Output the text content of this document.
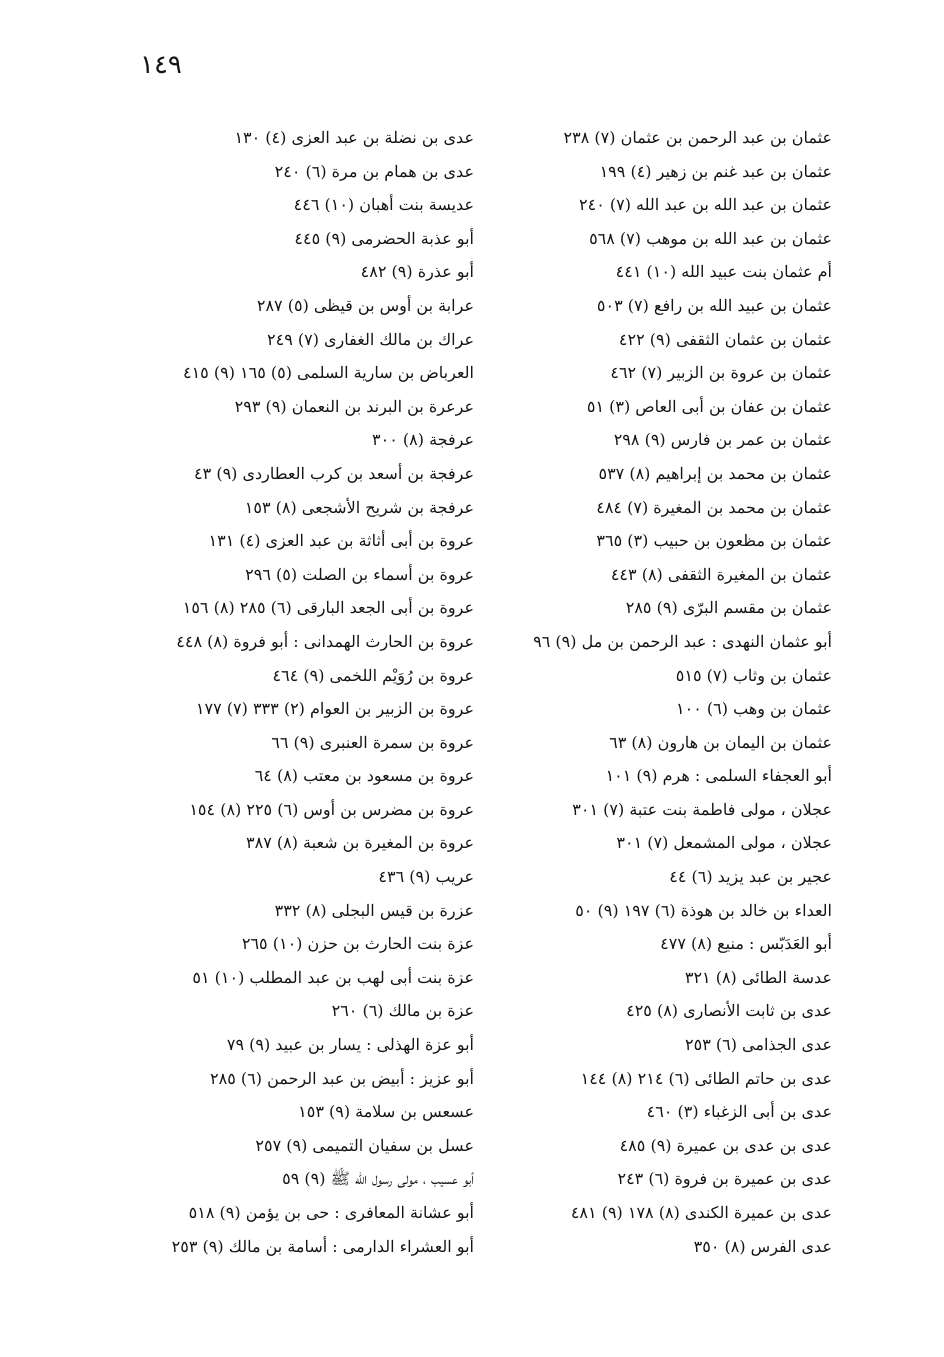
١٤٩
عثمان بن عبد الرحمن بن عثمان (٧) ٢٣٨
عثمان بن عبد غنم بن زهير (٤) ١٩٩
عثمان بن عبد الله بن عبد الله (٧) ٢٤٠
عثمان بن عبد الله بن موهب (٧) ٥٦٨
أم عثمان بنت عبيد الله (١٠) ٤٤١
عثمان بن عبيد الله بن رافع (٧) ٥٠٣
عثمان بن عثمان الثقفى (٩) ٤٢٢
عثمان بن عروة بن الزبير (٧) ٤٦٢
عثمان بن عفان بن أبى العاص (٣) ٥١
عثمان بن عمر بن فارس (٩) ٢٩٨
عثمان بن محمد بن إبراهيم (٨) ٥٣٧
عثمان بن محمد بن المغيرة (٧) ٤٨٤
عثمان بن مظعون بن حبيب (٣) ٣٦٥
عثمان بن المغيرة الثقفى (٨) ٤٤٣
عثمان بن مقسم البرّى (٩) ٢٨٥
أبو عثمان النهدى : عبد الرحمن بن مل (٩) ٩٦
عثمان بن وثاب (٧) ٥١٥
عثمان بن وهب (٦) ١٠٠
عثمان بن اليمان بن هارون (٨) ٦٣
أبو العجفاء السلمى : هرم (٩) ١٠١
عجلان ، مولى فاطمة بنت عتبة (٧) ٣٠١
عجلان ، مولى المشمعل (٧) ٣٠١
عجير بن عبد يزيد (٦) ٤٤
العداء بن خالد بن هوذة (٦) ١٩٧ (٩) ٥٠
أبو العَدَبّس : منيع (٨) ٤٧٧
عدسة الطائى (٨) ٣٢١
عدى بن ثابت الأنصارى (٨) ٤٢٥
عدى الجذامى (٦) ٢٥٣
عدى بن حاتم الطائى (٦) ٢١٤ (٨) ١٤٤
عدى بن أبى الزغباء (٣) ٤٦٠
عدى بن عدى بن عميرة (٩) ٤٨٥
عدى بن عميرة بن فروة (٦) ٢٤٣
عدى بن عميرة الكندى (٨) ١٧٨ (٩) ٤٨١
عدى الفرس (٨) ٣٥٠
عدى بن نضلة بن عبد العزى (٤) ١٣٠
عدى بن همام بن مرة (٦) ٢٤٠
عديسة بنت أهبان (١٠) ٤٤٦
أبو عذبة الحضرمى (٩) ٤٤٥
أبو عذرة (٩) ٤٨٢
عرابة بن أوس بن قيظى (٥) ٢٨٧
عراك بن مالك الغفارى (٧) ٢٤٩
العرباض بن سارية السلمى (٥) ١٦٥ (٩) ٤١٥
عرعرة بن البرند بن النعمان (٩) ٢٩٣
عرفجة (٨) ٣٠٠
عرفجة بن أسعد بن كرب العطاردى (٩) ٤٣
عرفجة بن شريح الأشجعى (٨) ١٥٣
عروة بن أبى أثاثة بن عبد العزى (٤) ١٣١
عروة بن أسماء بن الصلت (٥) ٢٩٦
عروة بن أبى الجعد البارقى (٦) ٢٨٥ (٨) ١٥٦
عروة بن الحارث الهمدانى : أبو فروة (٨) ٤٤٨
عروة بن رُوَيْم اللخمى (٩) ٤٦٤
عروة بن الزبير بن العوام (٢) ٣٣٣ (٧) ١٧٧
عروة بن سمرة العنبرى (٩) ٦٦
عروة بن مسعود بن معتب (٨) ٦٤
عروة بن مضرس بن أوس (٦) ٢٢٥ (٨) ١٥٤
عروة بن المغيرة بن شعبة (٨) ٣٨٧
عريب (٩) ٤٣٦
عزرة بن قيس البجلى (٨) ٣٣٢
عزة بنت الحارث بن حزن (١٠) ٢٦٥
عزة بنت أبى لهب بن عبد المطلب (١٠) ٥١
عزة بن مالك (٦) ٢٦٠
أبو عزة الهذلى : يسار بن عبيد (٩) ٧٩
أبو عزيز : أبيض بن عبد الرحمن (٦) ٢٨٥
عسعس بن سلامة (٩) ١٥٣
عسل بن سفيان التميمى (٩) ٢٥٧
أبو عسيب ، مولى رسول الله ﷺ (٩) ٥٩
أبو عشانة المعافرى : حى بن يؤمن (٩) ٥١٨
أبو العشراء الدارمى : أسامة بن مالك (٩) ٢٥٣
